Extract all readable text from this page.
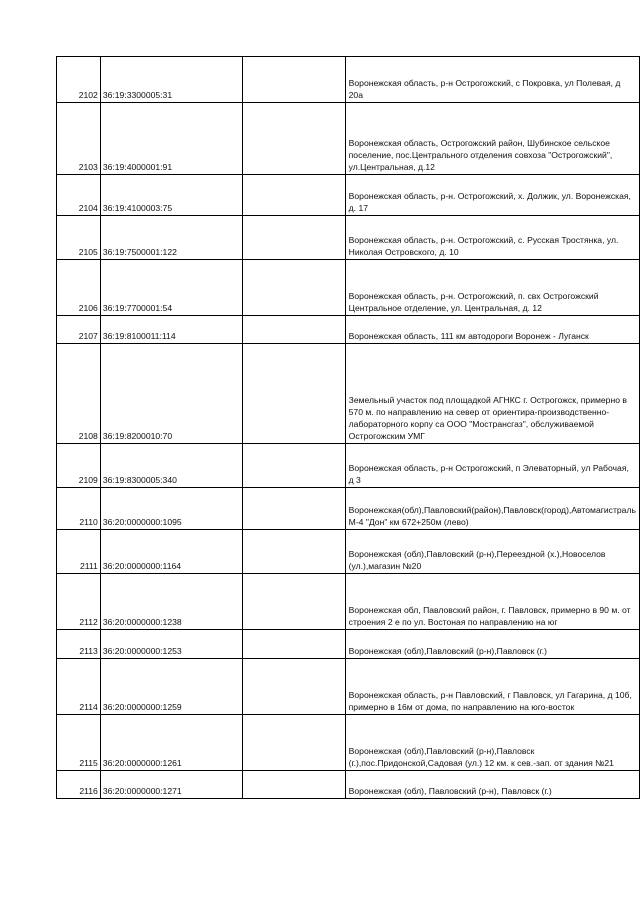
2102	36:19:3300005:31		Воронежская область, р-н Острогожский, с Покровка, ул Полевая, д 20а
2103	36:19:4000001:91		Воронежская область, Острогожский район, Шубинское сельское поселение, пос.Центрального отделения совхоза "Острогожский", ул.Центральная, д.12
2104	36:19:4100003:75		Воронежская область, р-н. Острогожский, х. Должик, ул. Воронежская, д. 17
2105	36:19:7500001:122		Воронежская область, р-н. Острогожский, с. Русская Тростянка, ул. Николая Островского, д. 10
2106	36:19:7700001:54		Воронежская область, р-н. Острогожский, п. свх Острогожский Центральное отделение, ул. Центральная, д. 12
2107	36:19:8100011:114		Воронежская область, 111 км автодороги Воронеж - Луганск
2108	36:19:8200010:70		Земельный участок под площадкой АГНКС г. Острогожск, примерно в 570 м. по направлению на север от ориентира-производственно-лабораторного корпу са ООО "Мострансгаз", обслуживаемой Острогожским УМГ
2109	36:19:8300005:340		Воронежская область, р-н Острогожский, п Элеваторный, ул Рабочая, д 3
2110	36:20:0000000:1095		Воронежская(обл),Павловский(район),Павловск(город),Автомагистраль М-4 "Дон" км 672+250м (лево)
2111	36:20:0000000:1164		Воронежская (обл),Павловский (р-н),Переездной (х.),Новоселов (ул.),магазин №20
2112	36:20:0000000:1238		Воронежская обл, Павловский район, г. Павловск, примерно в 90 м. от строения 2 е по ул. Востоная по направлению на юг
2113	36:20:0000000:1253		Воронежская (обл),Павловский (р-н),Павловск (г.)
2114	36:20:0000000:1259		Воронежская область, р-н Павловский, г Павловск, ул Гагарина, д 10б, примерно в 16м от дома, по направлению на юго-восток
2115	36:20:0000000:1261		Воронежская (обл),Павловский (р-н),Павловск (г.),пос.Придонской,Садовая (ул.) 12 км. к сев.-зап. от здания №21
2116	36:20:0000000:1271		Воронежская (обл), Павловский (р-н), Павловск (г.)
